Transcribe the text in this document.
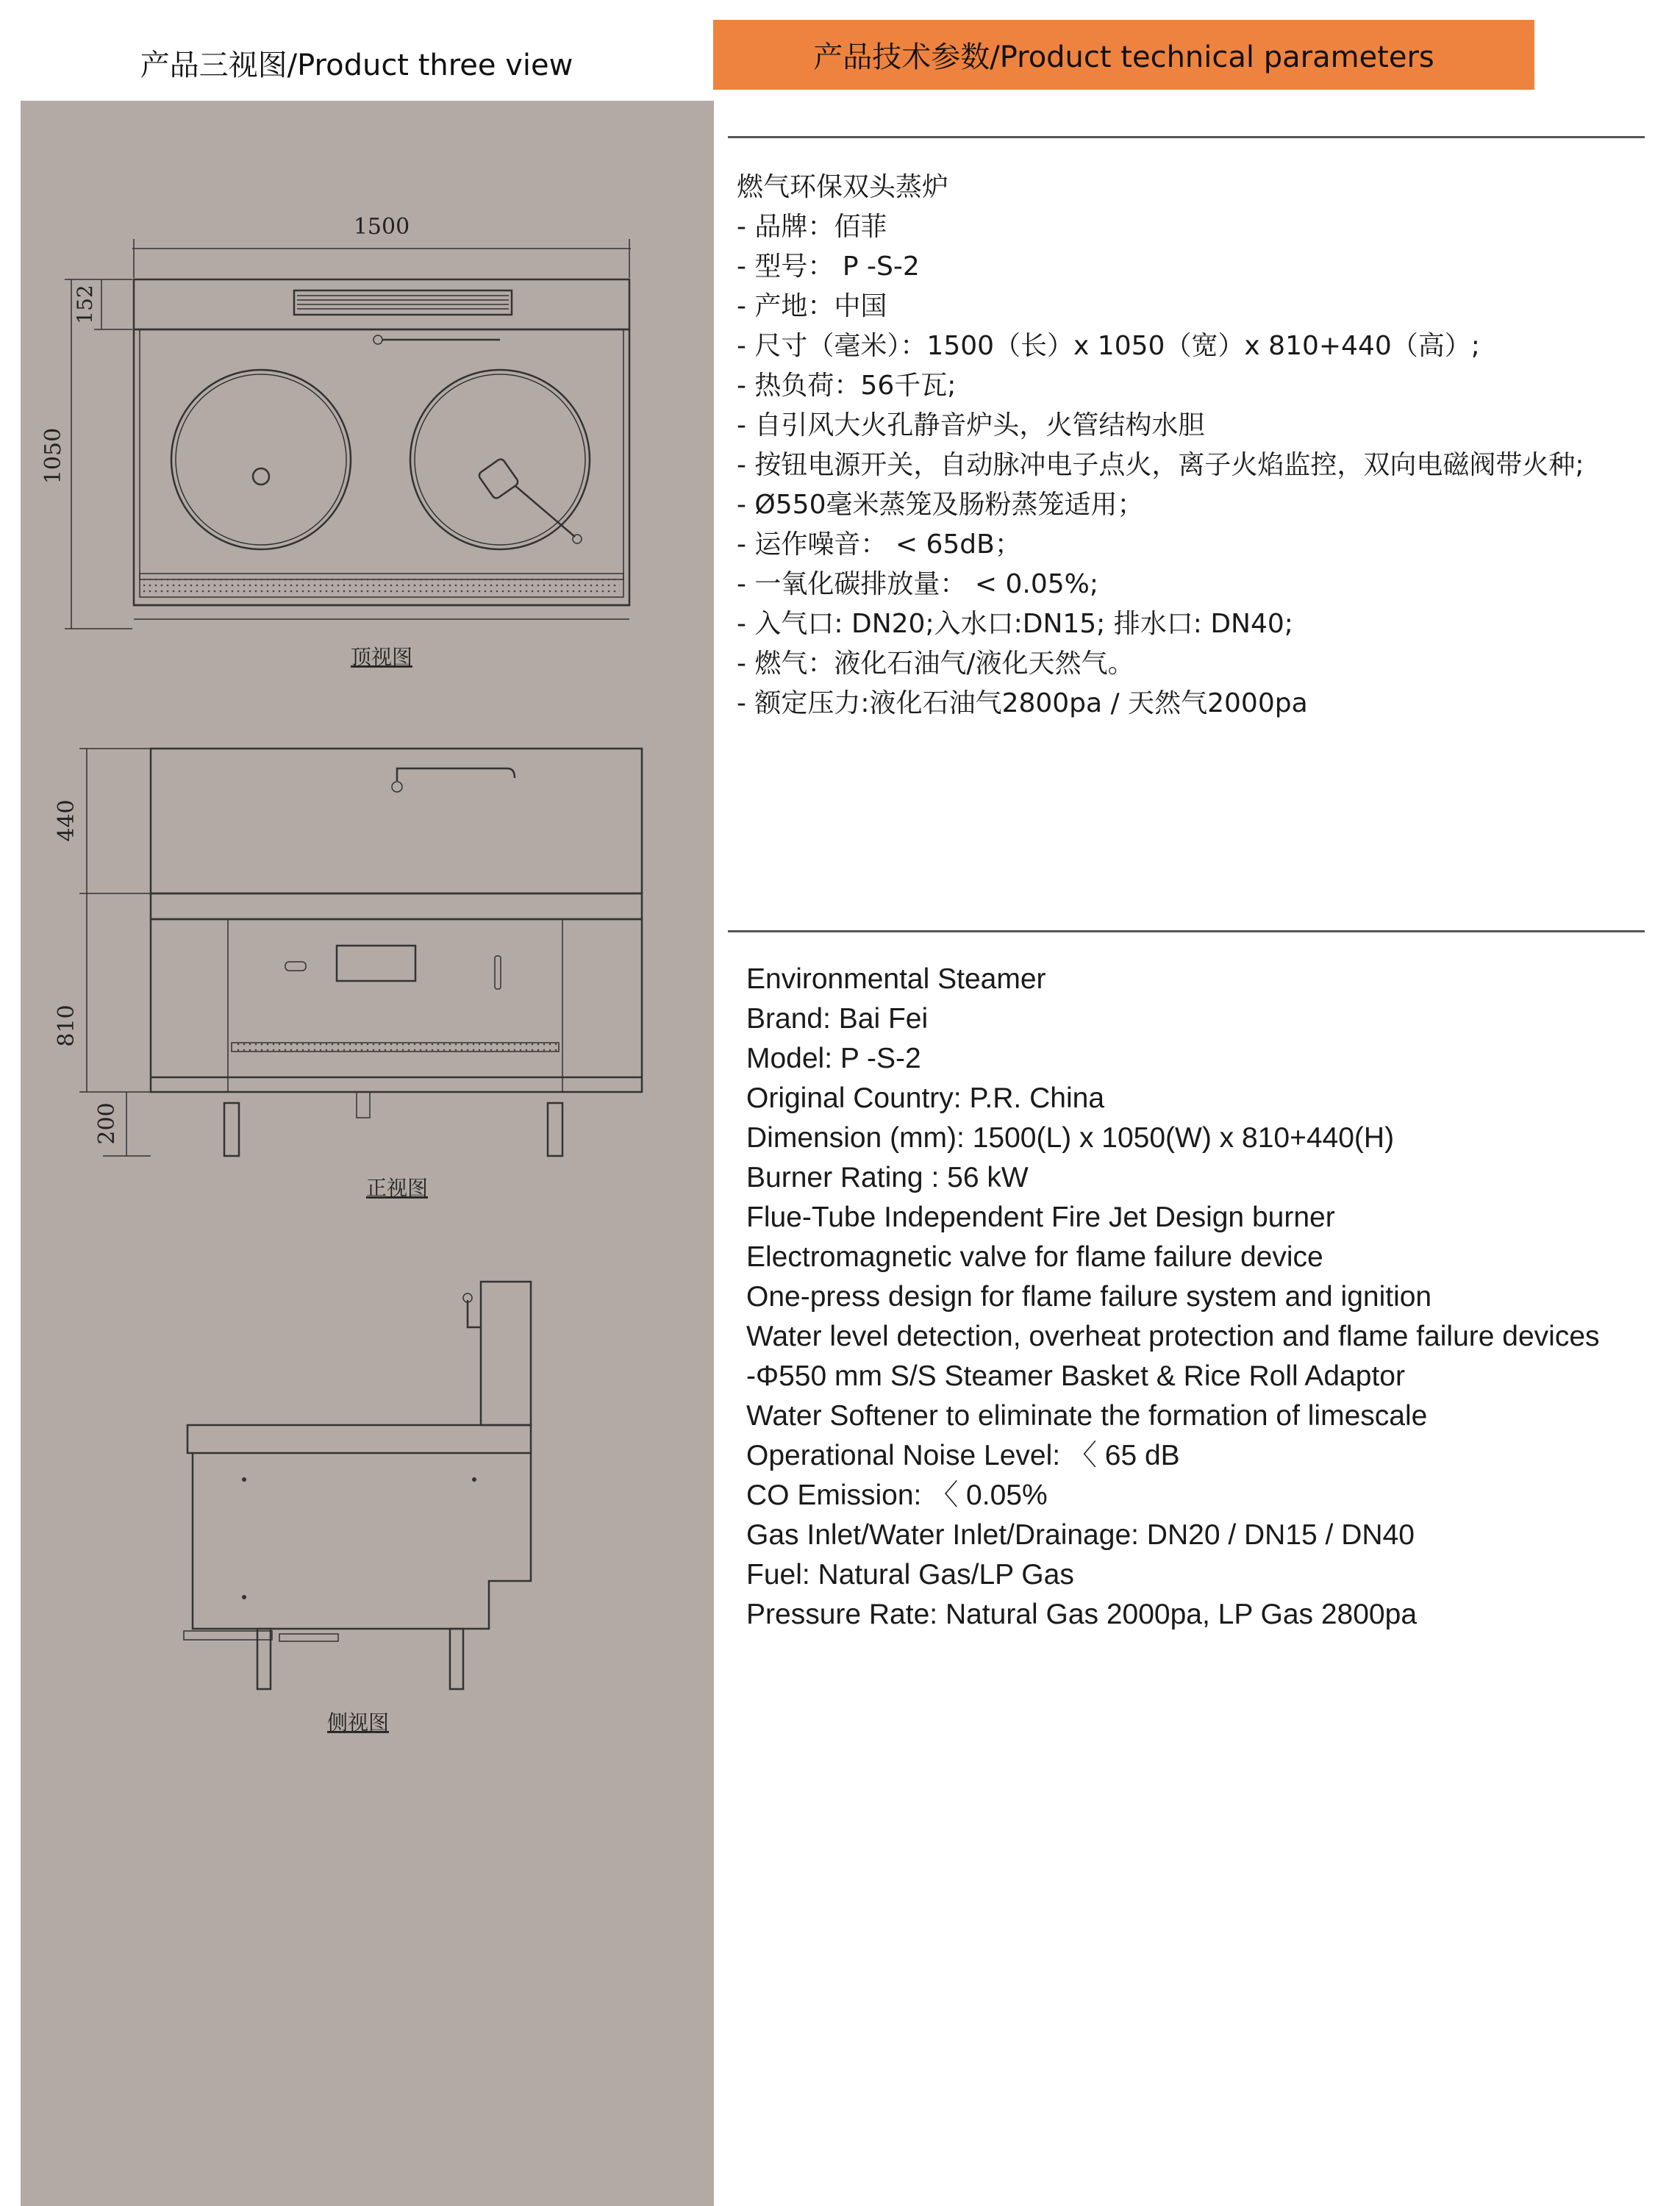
产品三视图/Product three view	产品技术参数/Product technical parameters
1500
1050
152
顶视图
440
810
200
正视图
侧视图
燃气环保双头蒸炉
- 品牌：佰菲
- 型号： P -S-2
- 产地：中国
- 尺寸（毫米）：1500（长）x 1050（宽）x 810+440（高）;
- 热负荷：56千瓦;
- 自引风大火孔静音炉头，火管结构水胆
- 按钮电源开关，自动脉冲电子点火，离子火焰监控，双向电磁阀带火种;
- Ø550毫米蒸笼及肠粉蒸笼适用；
- 运作噪音： < 65dB；
- 一氧化碳排放量： < 0.05%;
- 入气口: DN20;入水口:DN15; 排水口: DN40;
- 燃气：液化石油气/液化天然气。
- 额定压力:液化石油气2800pa / 天然气2000pa
Environmental Steamer
Brand: Bai Fei
Model: P -S-2
Original Country: P.R. China
Dimension (mm): 1500(L) x 1050(W) x 810+440(H)
Burner Rating : 56 kW
Flue-Tube Independent Fire Jet Design burner
Electromagnetic valve for flame failure device
One-press design for flame failure system and ignition
Water level detection, overheat protection and flame failure devices
-Φ550 mm S/S Steamer Basket & Rice Roll Adaptor
Water Softener to eliminate the formation of limescale
Operational Noise Level: 〈 65 dB
CO Emission: 〈 0.05%
Gas Inlet/Water Inlet/Drainage: DN20 / DN15 / DN40
Fuel: Natural Gas/LP Gas
Pressure Rate: Natural Gas 2000pa, LP Gas 2800pa
